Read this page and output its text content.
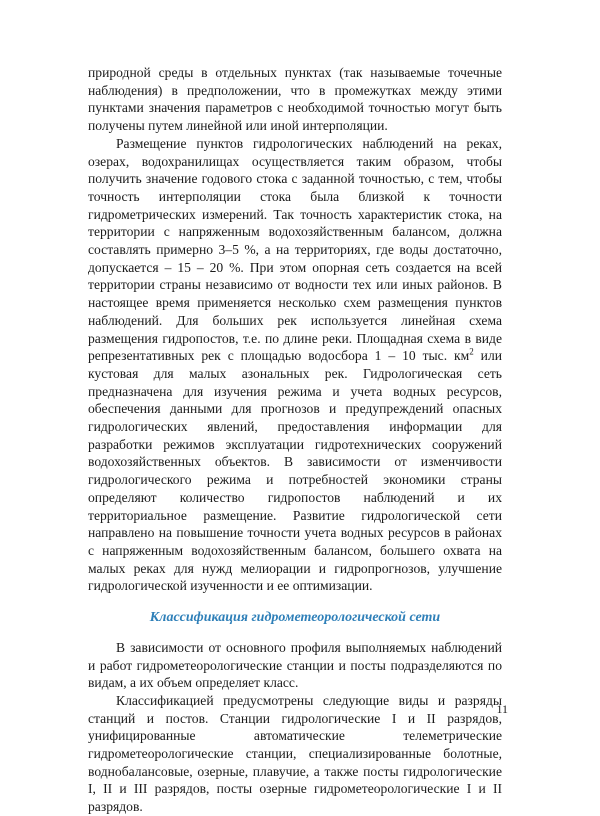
природной среды в отдельных пунктах (так называемые точечные наблюдения) в предположении, что в промежутках между этими пунктами значения параметров с необходимой точностью могут быть получены путем линейной или иной интерполяции.

Размещение пунктов гидрологических наблюдений на реках, озерах, водохранилищах осуществляется таким образом, чтобы получить значение годового стока с заданной точностью, с тем, чтобы точность интерполяции стока была близкой к точности гидрометрических измерений. Так точность характеристик стока, на территории с напряженным водохозяйственным балансом, должна составлять примерно 3–5 %, а на территориях, где воды достаточно, допускается – 15 – 20 %. При этом опорная сеть создается на всей территории страны независимо от водности тех или иных районов. В настоящее время применяется несколько схем размещения пунктов наблюдений. Для больших рек используется линейная схема размещения гидропостов, т.е. по длине реки. Площадная схема в виде репрезентативных рек с площадью водосбора 1 – 10 тыс. $км^2$ или кустовая для малых азональных рек. Гидрологическая сеть предназначена для изучения режима и учета водных ресурсов, обеспечения данными для прогнозов и предупреждений опасных гидрологических явлений, предоставления информации для разработки режимов эксплуатации гидротехнических сооружений водохозяйственных объектов. В зависимости от изменчивости гидрологического режима и потребностей экономики страны определяют количество гидропостов наблюдений и их территориальное размещение. Развитие гидрологической сети направлено на повышение точности учета водных ресурсов в районах с напряженным водохозяйственным балансом, большего охвата на малых реках для нужд мелиорации и гидропрогнозов, улучшение гидрологической изученности и ее оптимизации.

Классификация гидрометеорологической сети

В зависимости от основного профиля выполняемых наблюдений и работ гидрометеорологические станции и посты подразделяются по видам, а их объем определяет класс.

Классификацией предусмотрены следующие виды и разряды станций и постов. Станции гидрологические I и II разрядов, унифицированные автоматические телеметрические гидрометеорологические станции, специализированные болотные, воднобалансовые, озерные, плавучие, а также посты гидрологические I, II и III разрядов, посты озерные гидрометеорологические I и II разрядов.

11
